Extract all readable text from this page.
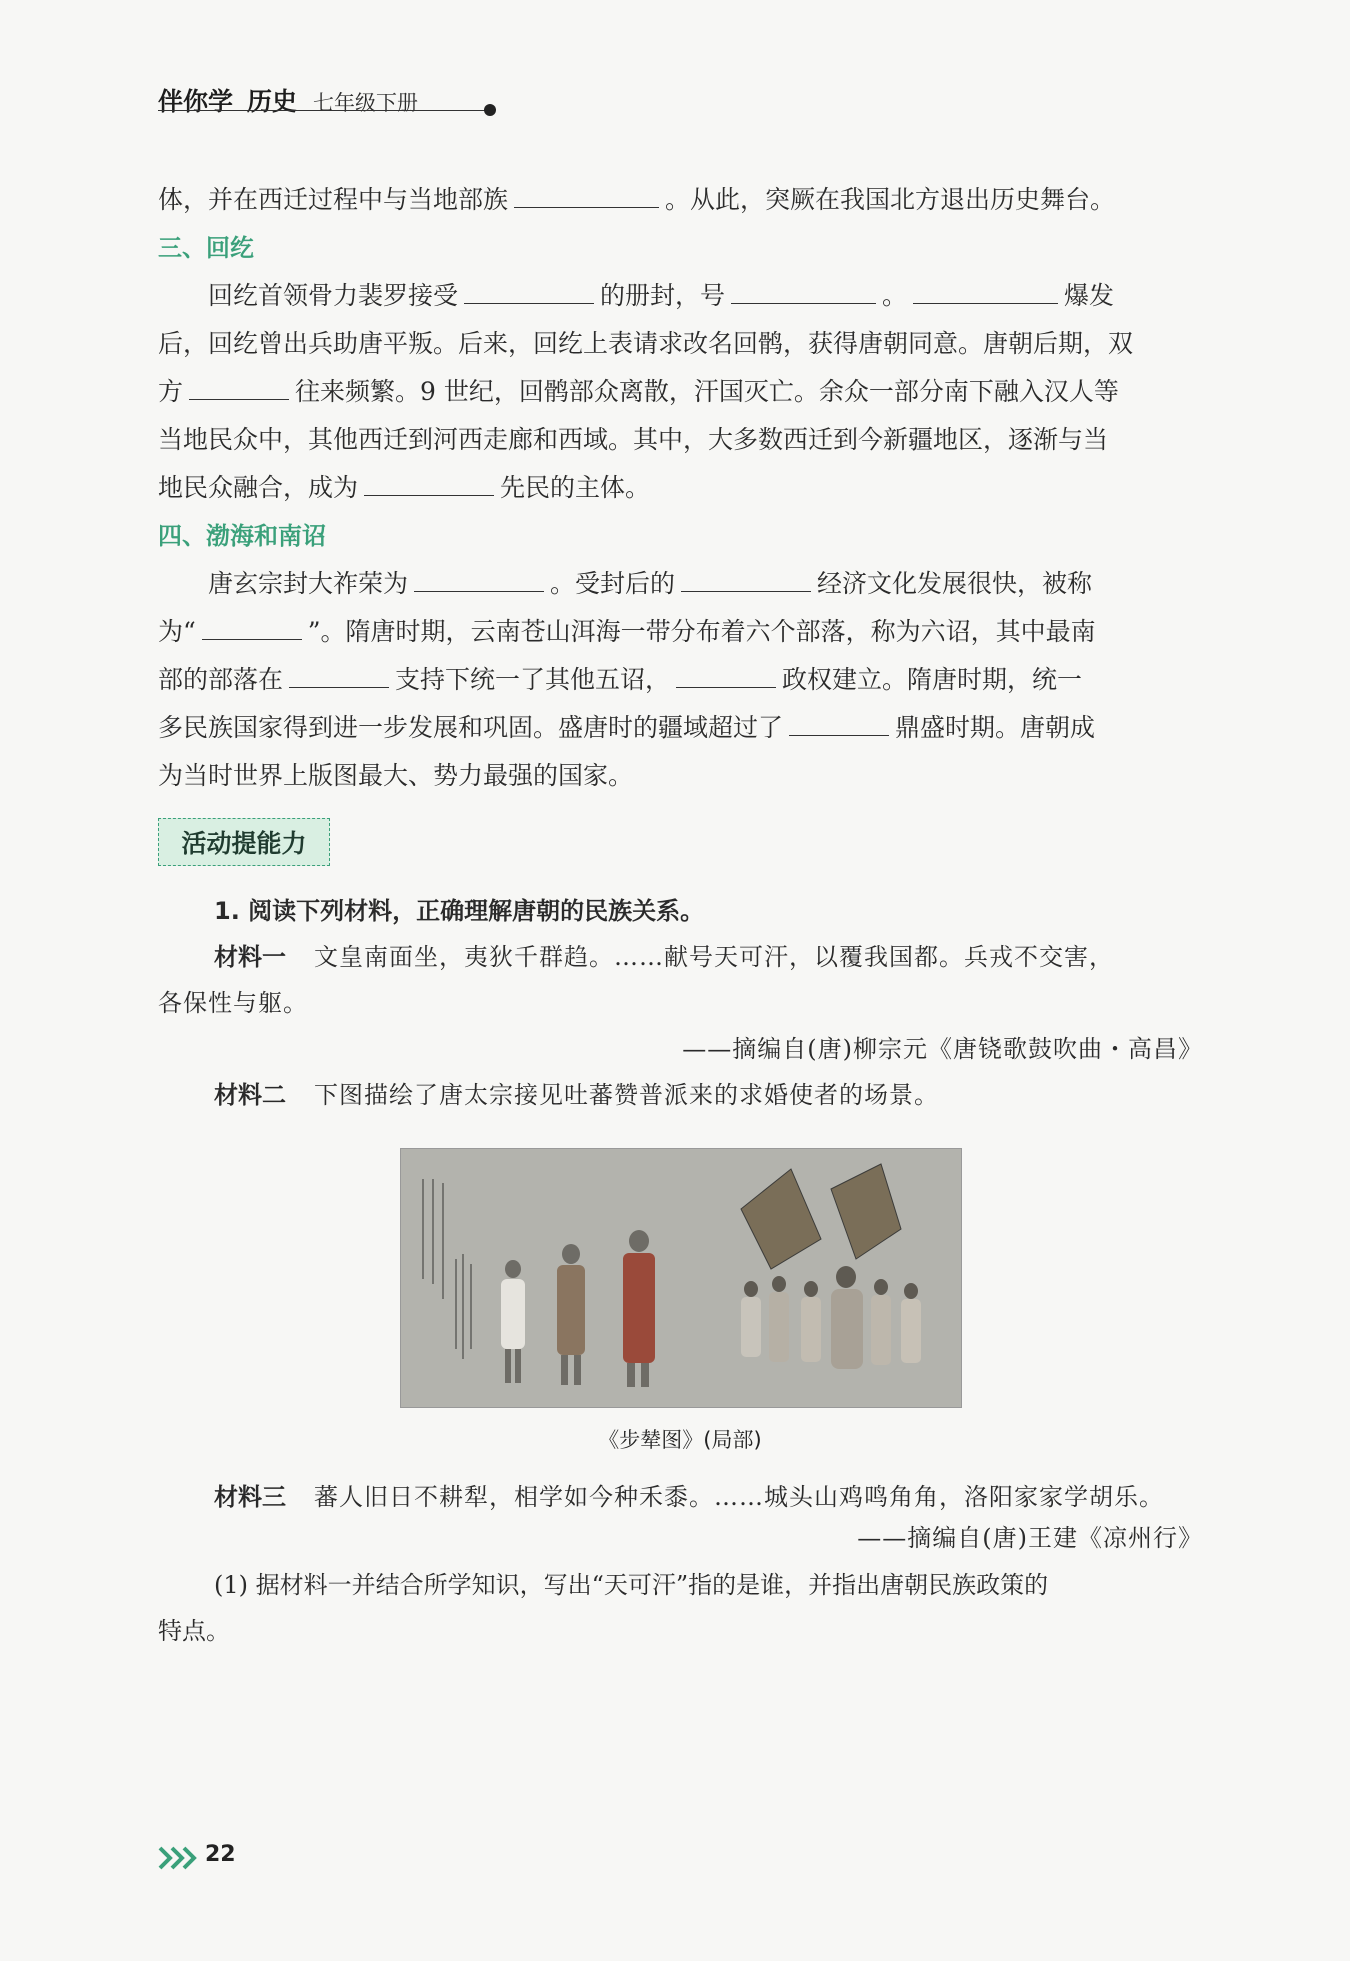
伴你学 历史 七年级下册
体，并在西迁过程中与当地部族	。从此，突厥在我国北方退出历史舞台。
三、回纥
回纥首领骨力裴罗接受	的册封，号	。	爆发
后，回纥曾出兵助唐平叛。后来，回纥上表请求改名回鹘，获得唐朝同意。唐朝后期，双
方	往来频繁。9 世纪，回鹘部众离散，汗国灭亡。余众一部分南下融入汉人等
当地民众中，其他西迁到河西走廊和西域。其中，大多数西迁到今新疆地区，逐渐与当
地民众融合，成为	先民的主体。
四、渤海和南诏
唐玄宗封大祚荣为	。受封后的	经济文化发展很快，被称
为“	”。隋唐时期，云南苍山洱海一带分布着六个部落，称为六诏，其中最南
部的部落在	支持下统一了其他五诏，	政权建立。隋唐时期，统一
多民族国家得到进一步发展和巩固。盛唐时的疆域超过了	鼎盛时期。唐朝成
为当时世界上版图最大、势力最强的国家。
活动提能力
1. 阅读下列材料，正确理解唐朝的民族关系。
材料一 文皇南面坐，夷狄千群趋。……献号天可汗，以覆我国都。兵戎不交害，
各保性与躯。
——摘编自(唐)柳宗元《唐铙歌鼓吹曲・高昌》
材料二 下图描绘了唐太宗接见吐蕃赞普派来的求婚使者的场景。
《步辇图》(局部)
材料三 蕃人旧日不耕犁，相学如今种禾黍。……城头山鸡鸣角角，洛阳家家学胡乐。
——摘编自(唐)王建《凉州行》
(1) 据材料一并结合所学知识，写出“天可汗”指的是谁，并指出唐朝民族政策的
特点。
22
